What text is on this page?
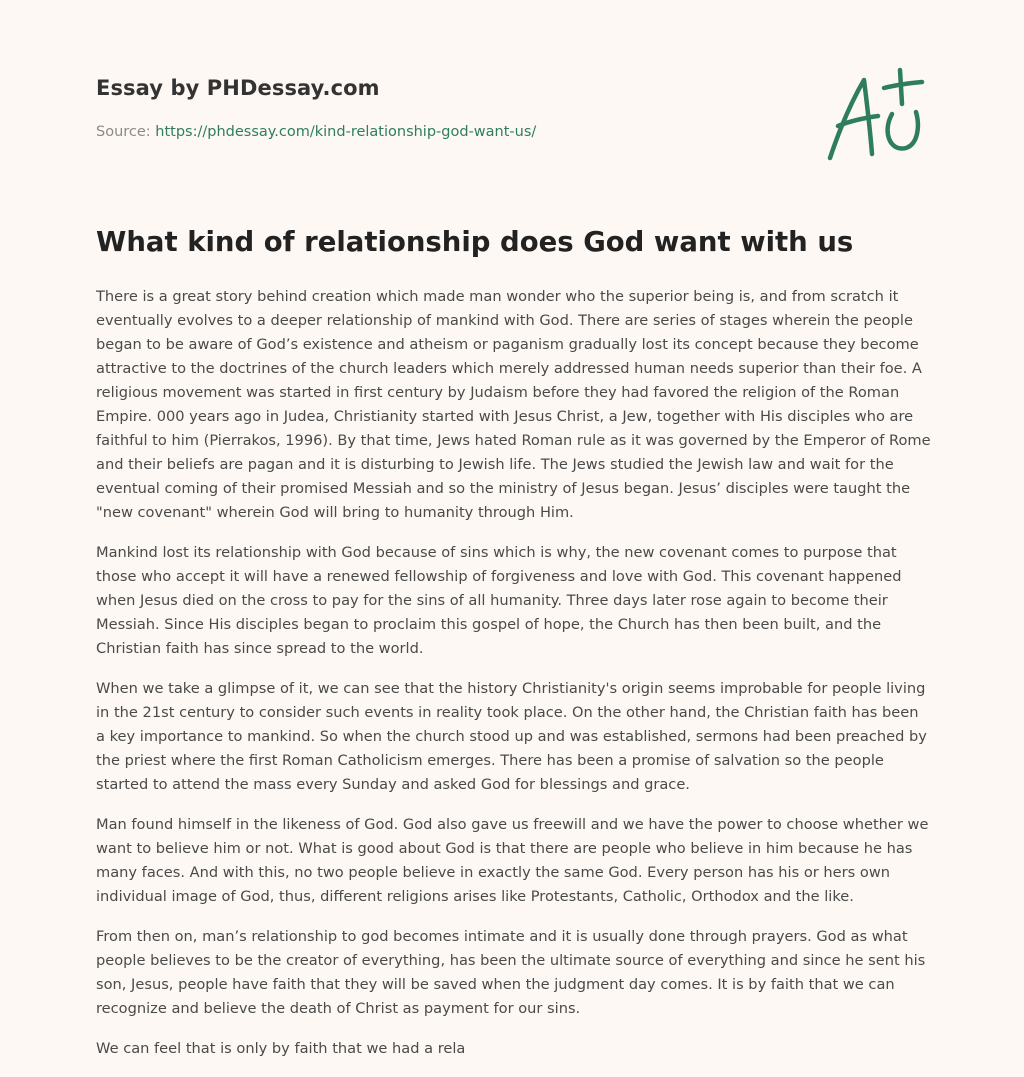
Essay by PHDessay.com
Source: https://phdessay.com/kind-relationship-god-want-us/
What kind of relationship does God want with us

There is a great story behind creation which made man wonder who the superior being is, and from scratch it eventually evolves to a deeper relationship of mankind with God. There are series of stages wherein the people began to be aware of God’s existence and atheism or paganism gradually lost its concept because they become attractive to the doctrines of the church leaders which merely addressed human needs superior than their foe. A religious movement was started in first century by Judaism before they had favored the religion of the Roman Empire. 000 years ago in Judea, Christianity started with Jesus Christ, a Jew, together with His disciples who are faithful to him (Pierrakos, 1996). By that time, Jews hated Roman rule as it was governed by the Emperor of Rome and their beliefs are pagan and it is disturbing to Jewish life. The Jews studied the Jewish law and wait for the eventual coming of their promised Messiah and so the ministry of Jesus began. Jesus’ disciples were taught the "new covenant" wherein God will bring to humanity through Him.

Mankind lost its relationship with God because of sins which is why, the new covenant comes to purpose that those who accept it will have a renewed fellowship of forgiveness and love with God. This covenant happened when Jesus died on the cross to pay for the sins of all humanity. Three days later rose again to become their Messiah. Since His disciples began to proclaim this gospel of hope, the Church has then been built, and the Christian faith has since spread to the world.

When we take a glimpse of it, we can see that the history Christianity's origin seems improbable for people living in the 21st century to consider such events in reality took place. On the other hand, the Christian faith has been a key importance to mankind. So when the church stood up and was established, sermons had been preached by the priest where the first Roman Catholicism emerges. There has been a promise of salvation so the people started to attend the mass every Sunday and asked God for blessings and grace.

Man found himself in the likeness of God. God also gave us freewill and we have the power to choose whether we want to believe him or not. What is good about God is that there are people who believe in him because he has many faces. And with this, no two people believe in exactly the same God. Every person has his or hers own individual image of God, thus, different religions arises like Protestants, Catholic, Orthodox and the like.

From then on, man’s relationship to god becomes intimate and it is usually done through prayers. God as what people believes to be the creator of everything, has been the ultimate source of everything and since he sent his son, Jesus, people have faith that they will be saved when the judgment day comes. It is by faith that we can recognize and believe the death of Christ as payment for our sins.

We can feel that is only by faith that we had a rela
